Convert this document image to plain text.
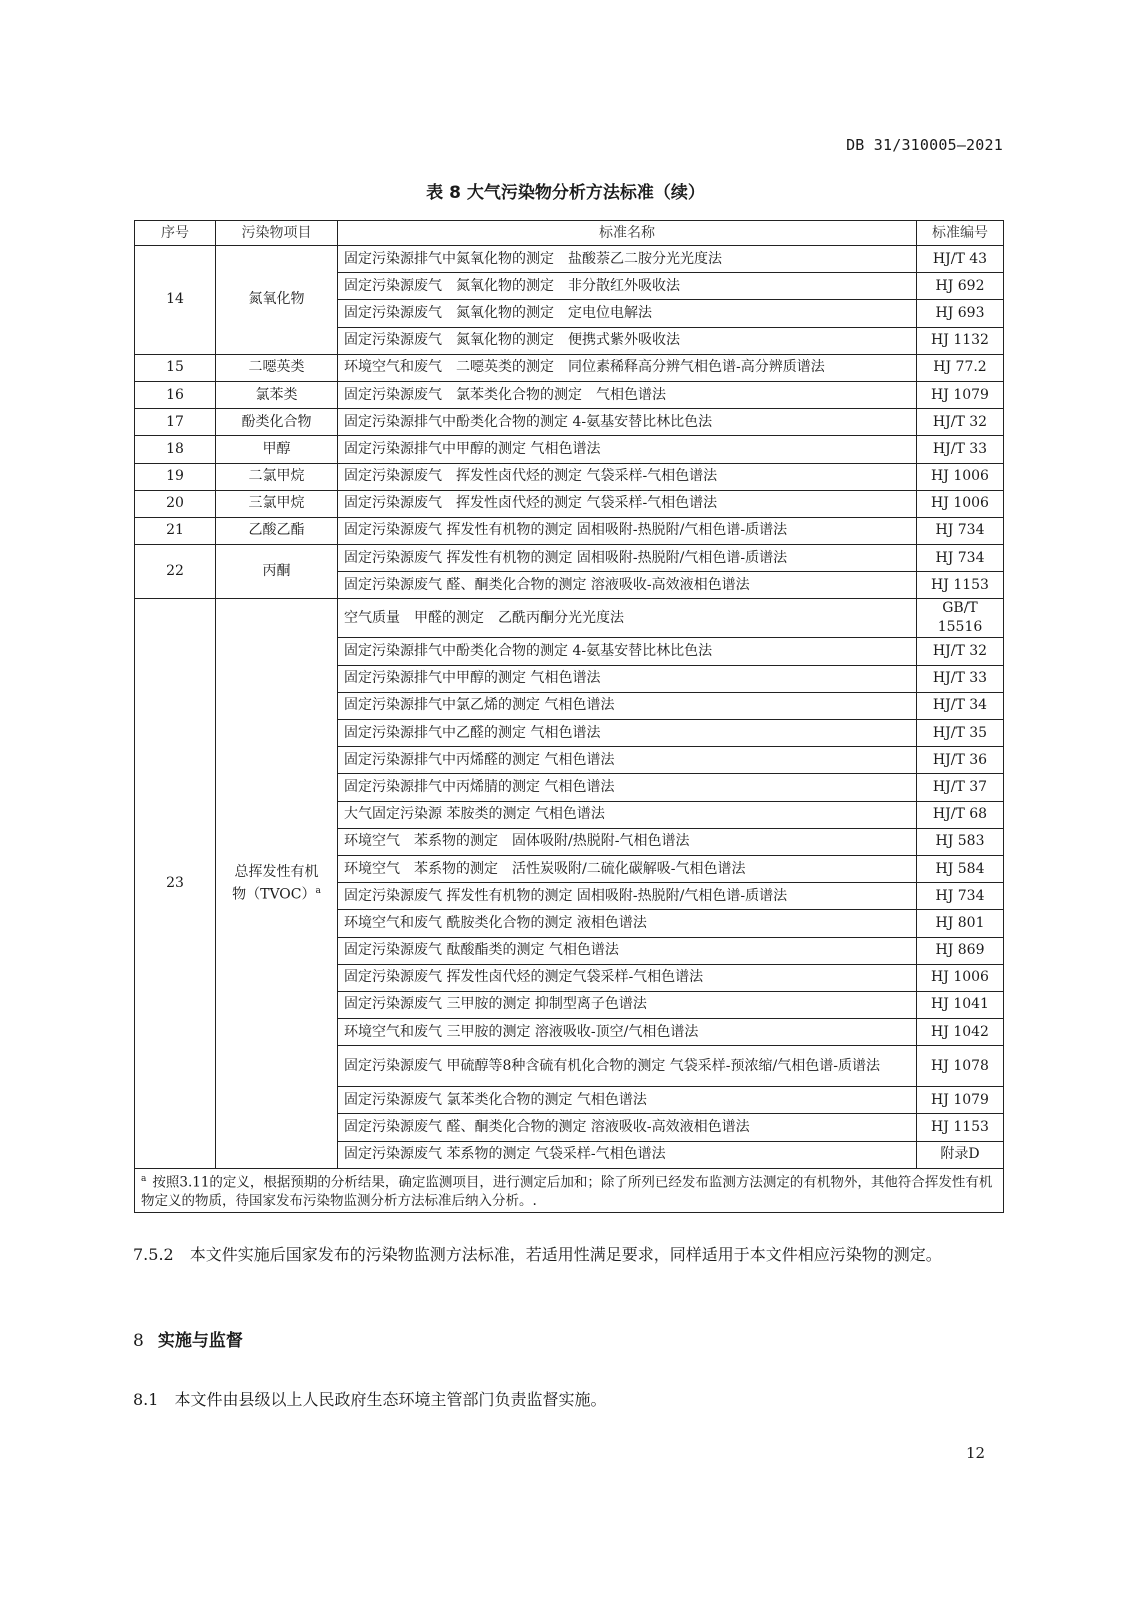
DB 31/310005—2021
表 8 大气污染物分析方法标准（续）
序号	污染物项目	标准名称	标准编号
14	氮氧化物	固定污染源排气中氮氧化物的测定　盐酸萘乙二胺分光光度法	HJ/T 43
		固定污染源废气　氮氧化物的测定　非分散红外吸收法	HJ 692
		固定污染源废气　氮氧化物的测定　定电位电解法	HJ 693
		固定污染源废气　氮氧化物的测定　便携式紫外吸收法	HJ 1132
15	二噁英类	环境空气和废气　二噁英类的测定　同位素稀释高分辨气相色谱-高分辨质谱法	HJ 77.2
16	氯苯类	固定污染源废气　氯苯类化合物的测定　气相色谱法	HJ 1079
17	酚类化合物	固定污染源排气中酚类化合物的测定 4-氨基安替比林比色法	HJ/T 32
18	甲醇	固定污染源排气中甲醇的测定 气相色谱法	HJ/T 33
19	二氯甲烷	固定污染源废气　挥发性卤代烃的测定 气袋采样-气相色谱法	HJ 1006
20	三氯甲烷	固定污染源废气　挥发性卤代烃的测定 气袋采样-气相色谱法	HJ 1006
21	乙酸乙酯	固定污染源废气 挥发性有机物的测定 固相吸附-热脱附/气相色谱-质谱法	HJ 734
22	丙酮	固定污染源废气 挥发性有机物的测定 固相吸附-热脱附/气相色谱-质谱法	HJ 734
		固定污染源废气 醛、酮类化合物的测定 溶液吸收-高效液相色谱法	HJ 1153
23	总挥发性有机物（TVOC）$^a$	空气质量　甲醛的测定　乙酰丙酮分光光度法	GB/T 15516
		固定污染源排气中酚类化合物的测定 4-氨基安替比林比色法	HJ/T 32
		固定污染源排气中甲醇的测定 气相色谱法	HJ/T 33
		固定污染源排气中氯乙烯的测定 气相色谱法	HJ/T 34
		固定污染源排气中乙醛的测定 气相色谱法	HJ/T 35
		固定污染源排气中丙烯醛的测定 气相色谱法	HJ/T 36
		固定污染源排气中丙烯腈的测定 气相色谱法	HJ/T 37
		大气固定污染源 苯胺类的测定 气相色谱法	HJ/T 68
		环境空气　苯系物的测定　固体吸附/热脱附-气相色谱法	HJ 583
		环境空气　苯系物的测定　活性炭吸附/二硫化碳解吸-气相色谱法	HJ 584
		固定污染源废气 挥发性有机物的测定 固相吸附-热脱附/气相色谱-质谱法	HJ 734
		环境空气和废气 酰胺类化合物的测定 液相色谱法	HJ 801
		固定污染源废气 酞酸酯类的测定 气相色谱法	HJ 869
		固定污染源废气 挥发性卤代烃的测定气袋采样-气相色谱法	HJ 1006
		固定污染源废气 三甲胺的测定 抑制型离子色谱法	HJ 1041
		环境空气和废气 三甲胺的测定 溶液吸收-顶空/气相色谱法	HJ 1042
		固定污染源废气 甲硫醇等8种含硫有机化合物的测定 气袋采样-预浓缩/气相色谱-质谱法	HJ 1078
		固定污染源废气 氯苯类化合物的测定 气相色谱法	HJ 1079
		固定污染源废气 醛、酮类化合物的测定 溶液吸收-高效液相色谱法	HJ 1153
		固定污染源废气 苯系物的测定 气袋采样-气相色谱法	附录D
$^a$ 按照3.11的定义，根据预期的分析结果，确定监测项目，进行测定后加和；除了所列已经发布监测方法测定的有机物外，其他符合挥发性有机物定义的物质，待国家发布污染物监测分析方法标准后纳入分析。.			
7.5.2　本文件实施后国家发布的污染物监测方法标准，若适用性满足要求，同样适用于本文件相应污染物的测定。
8 实施与监督
8.1　本文件由县级以上人民政府生态环境主管部门负责监督实施。
12
